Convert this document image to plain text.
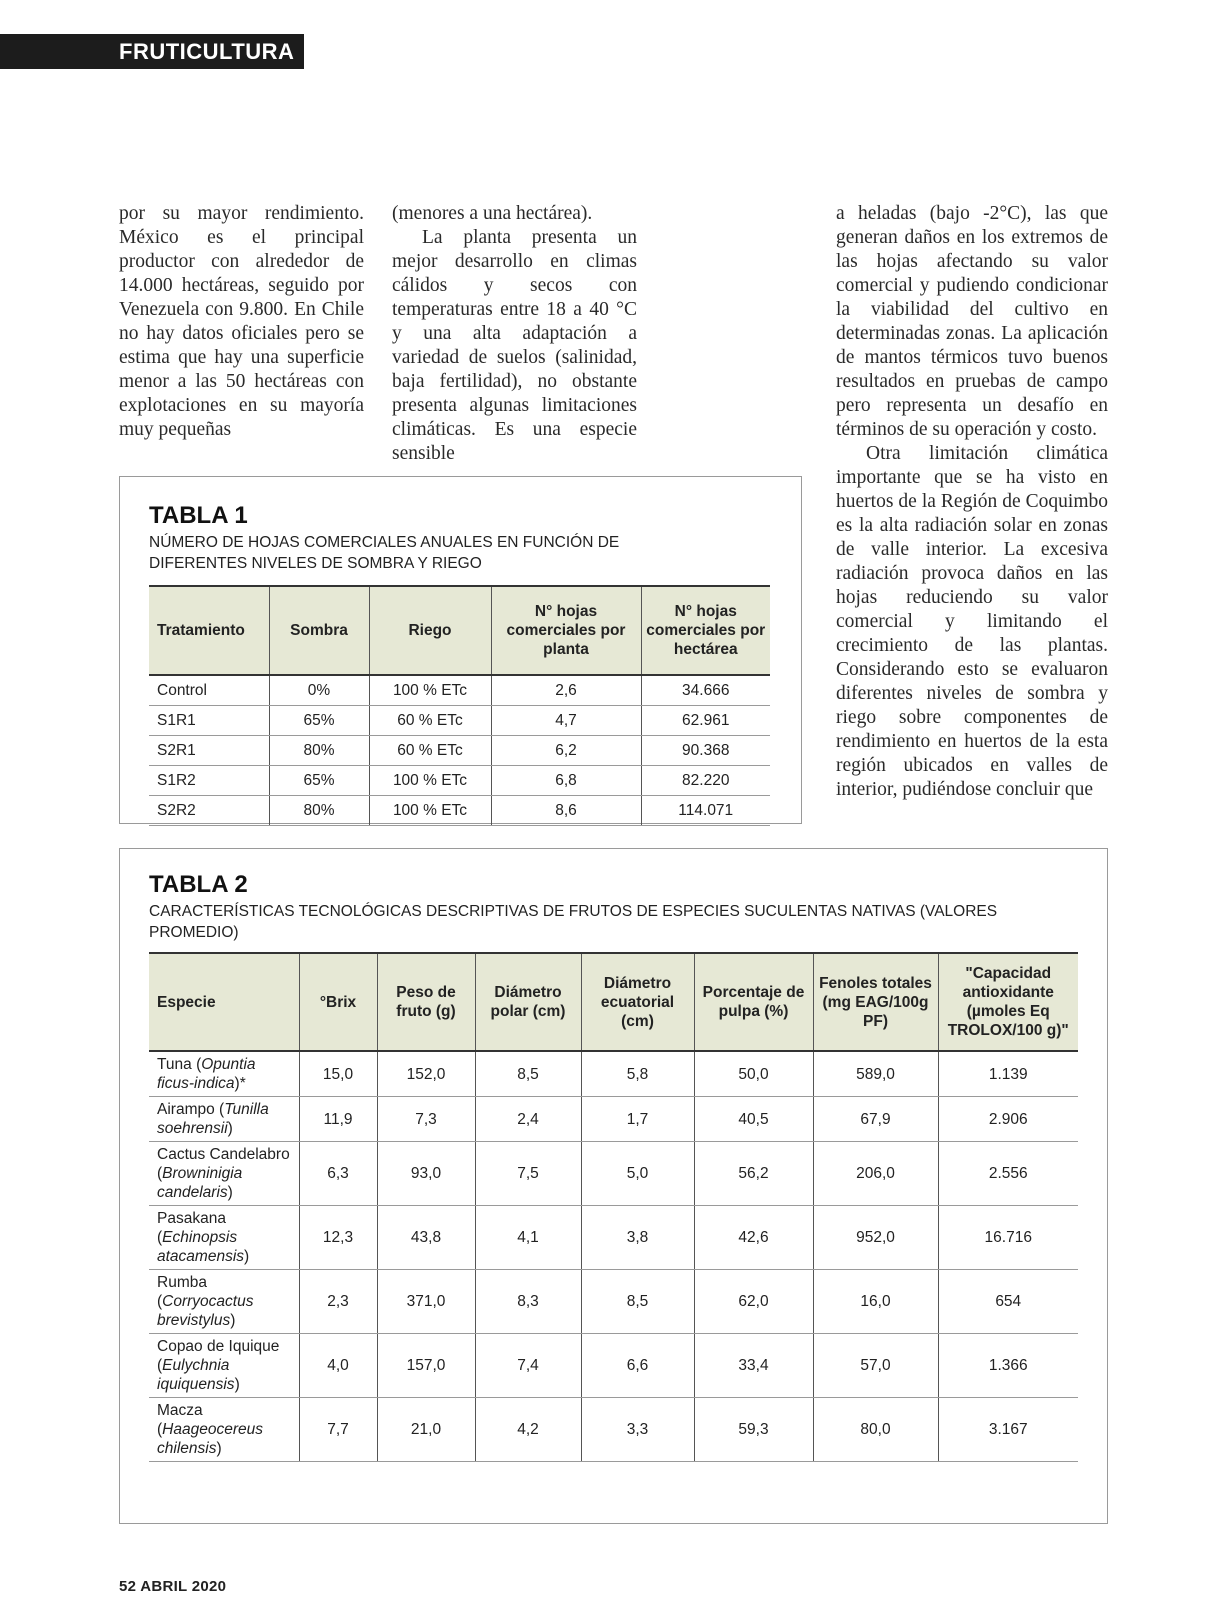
FRUTICULTURA

por su mayor rendimiento. México es el principal productor con alrededor de 14.000 hectáreas, seguido por Venezuela con 9.800. En Chile no hay datos oficiales pero se estima que hay una superficie menor a las 50 hectáreas con explotaciones en su mayoría muy pequeñas

(menores a una hectárea).

La planta presenta un mejor desarrollo en climas cálidos y secos con temperaturas entre 18 a 40 °C y una alta adaptación a variedad de suelos (salinidad, baja fertilidad), no obstante presenta algunas limitaciones climáticas. Es una especie sensible

a heladas (bajo -2°C), las que generan daños en los extremos de las hojas afectando su valor comercial y pudiendo condicionar la viabilidad del cultivo en determinadas zonas. La aplicación de mantos térmicos tuvo buenos resultados en pruebas de campo pero representa un desafío en términos de su operación y costo.

Otra limitación climática importante que se ha visto en huertos de la Región de Coquimbo es la alta radiación solar en zonas de valle interior. La excesiva radiación provoca daños en las hojas reduciendo su valor comercial y limitando el crecimiento de las plantas. Considerando esto se evaluaron diferentes niveles de sombra y riego sobre componentes de rendimiento en huertos de la esta región ubicados en valles de interior, pudiéndose concluir que

TABLA 1

NÚMERO DE HOJAS COMERCIALES ANUALES EN FUNCIÓN DE DIFERENTES NIVELES DE SOMBRA Y RIEGO

Tratamiento	Sombra	Riego	N° hojas comerciales por planta	N° hojas comerciales por hectárea
Control	0%	100 % ETc	2,6	34.666
S1R1	65%	60 % ETc	4,7	62.961
S2R1	80%	60 % ETc	6,2	90.368
S1R2	65%	100 % ETc	6,8	82.220
S2R2	80%	100 % ETc	8,6	114.071
TABLA 2

CARACTERÍSTICAS TECNOLÓGICAS DESCRIPTIVAS DE FRUTOS DE ESPECIES SUCULENTAS NATIVAS (VALORES PROMEDIO)

Especie	°Brix	Peso de fruto (g)	Diámetro polar (cm)	Diámetro ecuatorial (cm)	Porcentaje de pulpa (%)	Fenoles totales (mg EAG/100g PF)	"Capacidad antioxidante (µmoles Eq TROLOX/100 g)"
Tuna (Opuntia ficus-indica)*	15,0	152,0	8,5	5,8	50,0	589,0	1.139
Airampo (Tunilla soehrensii)	11,9	7,3	2,4	1,7	40,5	67,9	2.906
Cactus Candelabro (Browninigia candelaris)	6,3	93,0	7,5	5,0	56,2	206,0	2.556
Pasakana (Echinopsis atacamensis)	12,3	43,8	4,1	3,8	42,6	952,0	16.716
Rumba (Corryocactus brevistylus)	2,3	371,0	8,3	8,5	62,0	16,0	654
Copao de Iquique (Eulychnia iquiquensis)	4,0	157,0	7,4	6,6	33,4	57,0	1.366
Macza (Haageocereus chilensis)	7,7	21,0	4,2	3,3	59,3	80,0	3.167
52 ABRIL 2020
